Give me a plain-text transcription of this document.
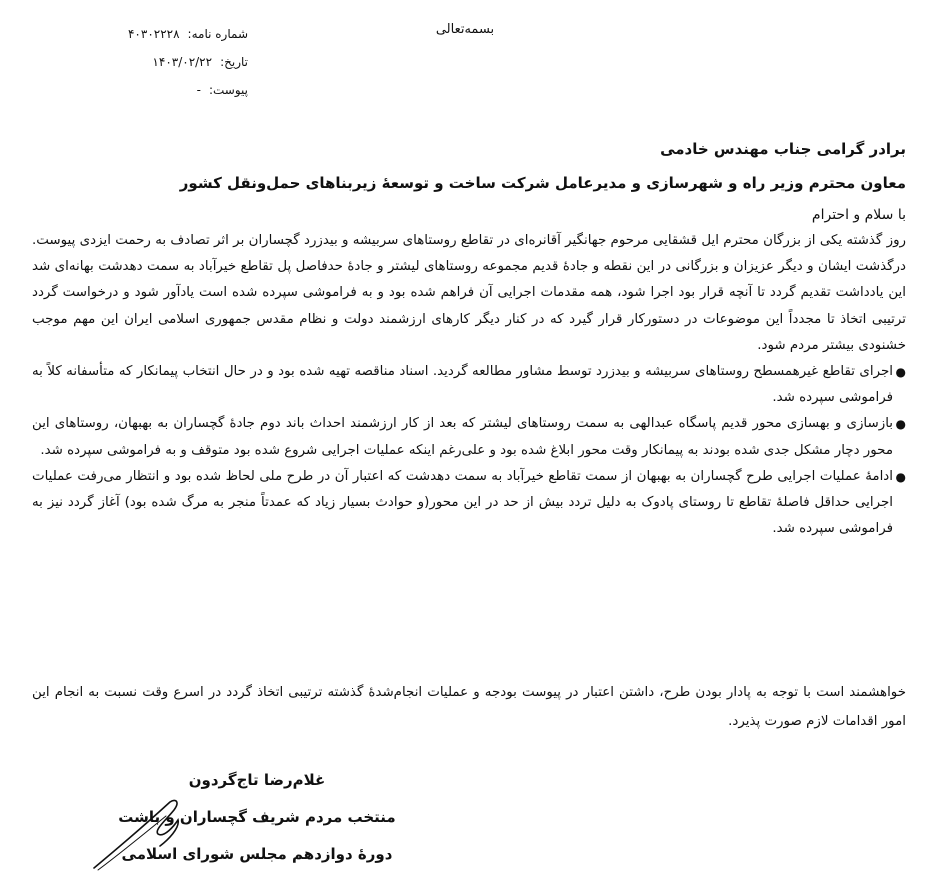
بسمه‌تعالی
شماره نامه:
۴۰۳۰۲۲۲۸
تاریخ:
۱۴۰۳/۰۲/۲۲
پیوست:
-
برادر گرامی جناب مهندس خادمی
معاون محترم وزیر راه و شهرسازی و مدیرعامل شرکت ساخت و توسعهٔ زیربناهای حمل‌ونقل کشور
با سلام و احترام

روز گذشته یکی از بزرگان محترم ایل قشقایی مرحوم جهانگیر آقانره‌ای در تقاطع روستاهای سربیشه و بیدزرد گچساران بر اثر تصادف به رحمت ایزدی پیوست. درگذشت ایشان و دیگر عزیزان و بزرگانی در این نقطه و جادهٔ قدیم مجموعه روستاهای لیشتر و جادهٔ حدفاصل پل تقاطع خیرآباد به سمت دهدشت بهانه‌ای شد این یادداشت تقدیم گردد تا آنچه قرار بود اجرا شود، همه مقدمات اجرایی آن فراهم شده بود و به فراموشی سپرده شده است یادآور شود و درخواست گردد ترتیبی اتخاذ تا مجدداً این موضوعات در دستورکار قرار گیرد که در کنار دیگر کارهای ارزشمند دولت و نظام مقدس جمهوری اسلامی ایران این مهم موجب خشنودی بیشتر مردم شود.

●
اجرای تقاطع غیرهمسطح روستاهای سربیشه و بیدزرد توسط مشاور مطالعه گردید. اسناد مناقصه تهیه شده بود و در حال انتخاب پیمانکار که متأسفانه کلاً به فراموشی سپرده شد.
●
بازسازی و بهسازی محور قدیم پاسگاه عبدالهی به سمت روستاهای لیشتر که بعد از کار ارزشمند احداث باند دوم جادهٔ گچساران به بهبهان، روستاهای این محور دچار مشکل جدی شده بودند به پیمانکار وقت محور ابلاغ شده بود و علی‌رغم اینکه عملیات اجرایی شروع شده بود متوقف و به فراموشی سپرده شد.
●
ادامهٔ عملیات اجرایی طرح گچساران به بهبهان از سمت تقاطع خیرآباد به سمت دهدشت که اعتبار آن در طرح ملی لحاظ شده بود و انتظار می‌رفت عملیات اجرایی حداقل فاصلهٔ تقاطع تا روستای پادوک به دلیل تردد بیش از حد در این محور(و حوادث بسیار زیاد که عمدتاً منجر به مرگ شده بود) آغاز گردد نیز به فراموشی سپرده شد.

خواهشمند است با توجه به پادار بودن طرح، داشتن اعتبار در پیوست بودجه و عملیات انجام‌شدهٔ گذشته ترتیبی اتخاذ گردد در اسرع وقت نسبت به انجام این امور اقدامات لازم صورت پذیرد.

غلام‌رضا تاج‌گردون
منتخب مردم شریف گچساران و باشت
دورهٔ دوازدهم مجلس شورای اسلامی
